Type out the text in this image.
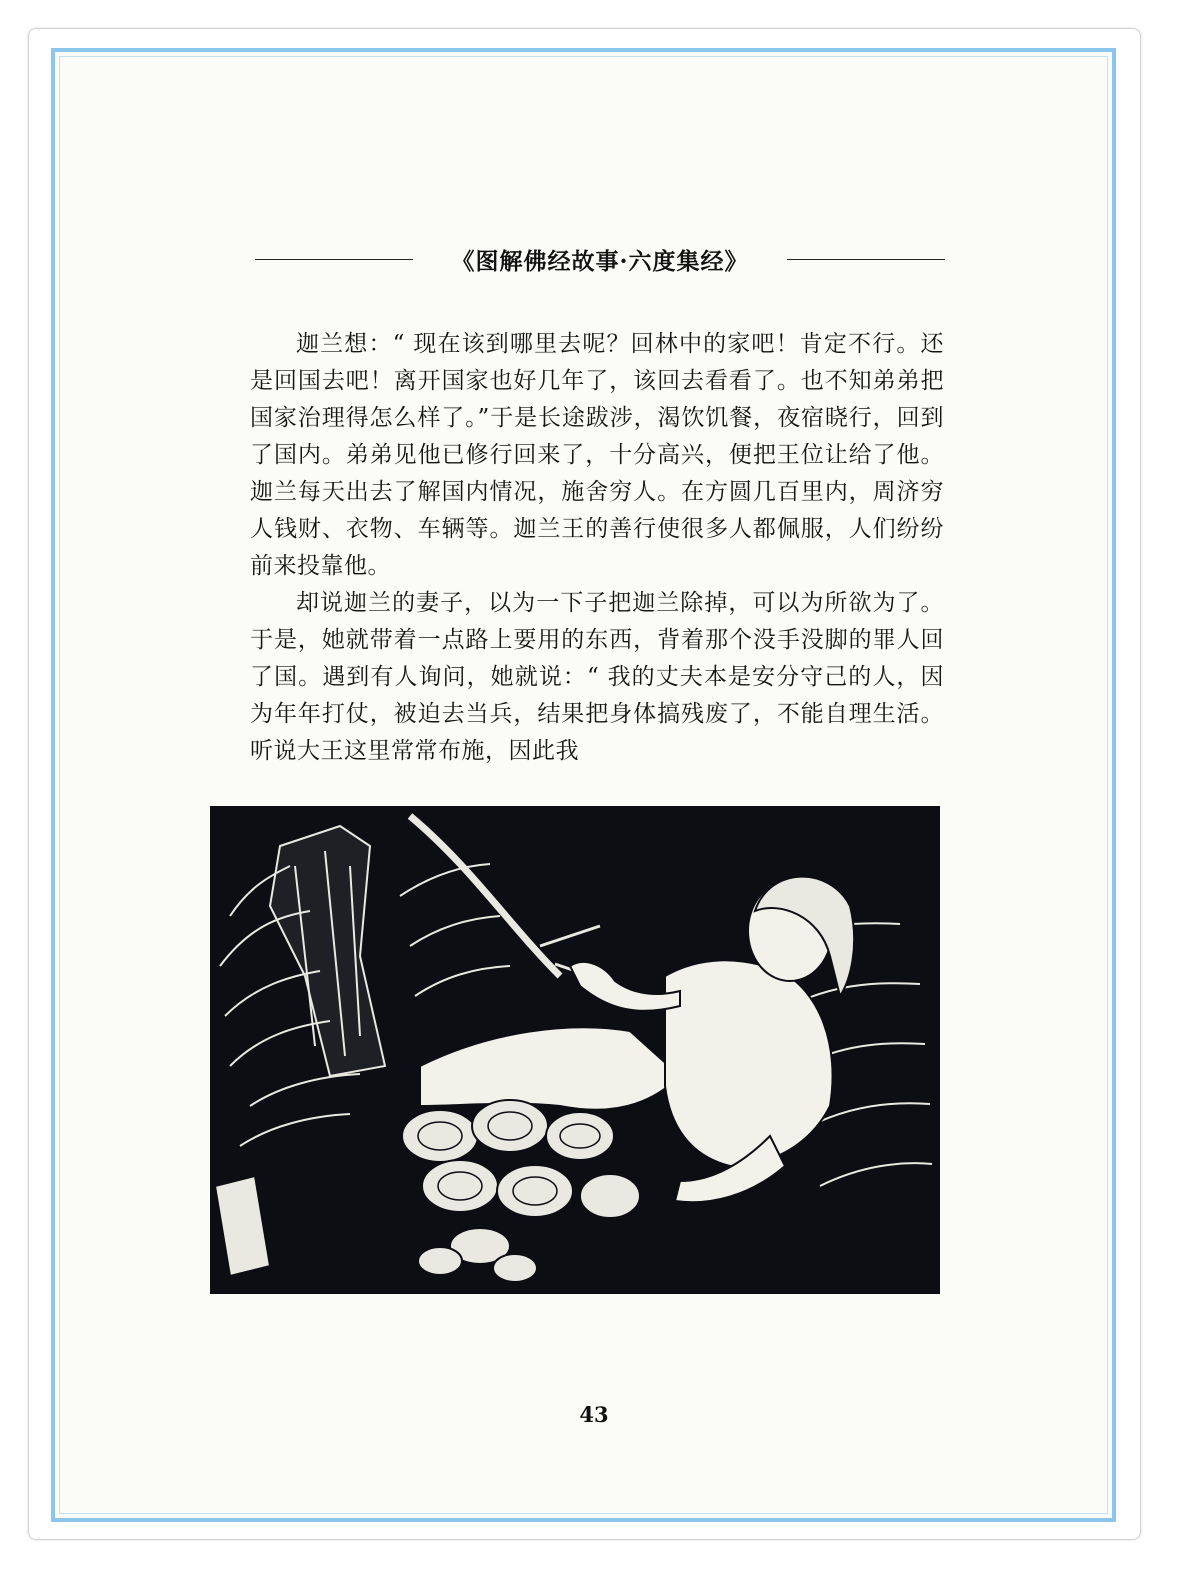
《图解佛经故事·六度集经》

迦兰想：“ 现在该到哪里去呢？回林中的家吧！肯定不行。还是回国去吧！离开国家也好几年了，该回去看看了。也不知弟弟把国家治理得怎么样了。”于是长途跋涉，渴饮饥餐，夜宿晓行，回到了国内。弟弟见他已修行回来了，十分高兴，便把王位让给了他。迦兰每天出去了解国内情况，施舍穷人。在方圆几百里内，周济穷人钱财、衣物、车辆等。迦兰王的善行使很多人都佩服，人们纷纷前来投靠他。

却说迦兰的妻子，以为一下子把迦兰除掉，可以为所欲为了。于是，她就带着一点路上要用的东西，背着那个没手没脚的罪人回了国。遇到有人询问，她就说：“ 我的丈夫本是安分守己的人，因为年年打仗，被迫去当兵，结果把身体搞残废了，不能自理生活。听说大王这里常常布施，因此我

43
